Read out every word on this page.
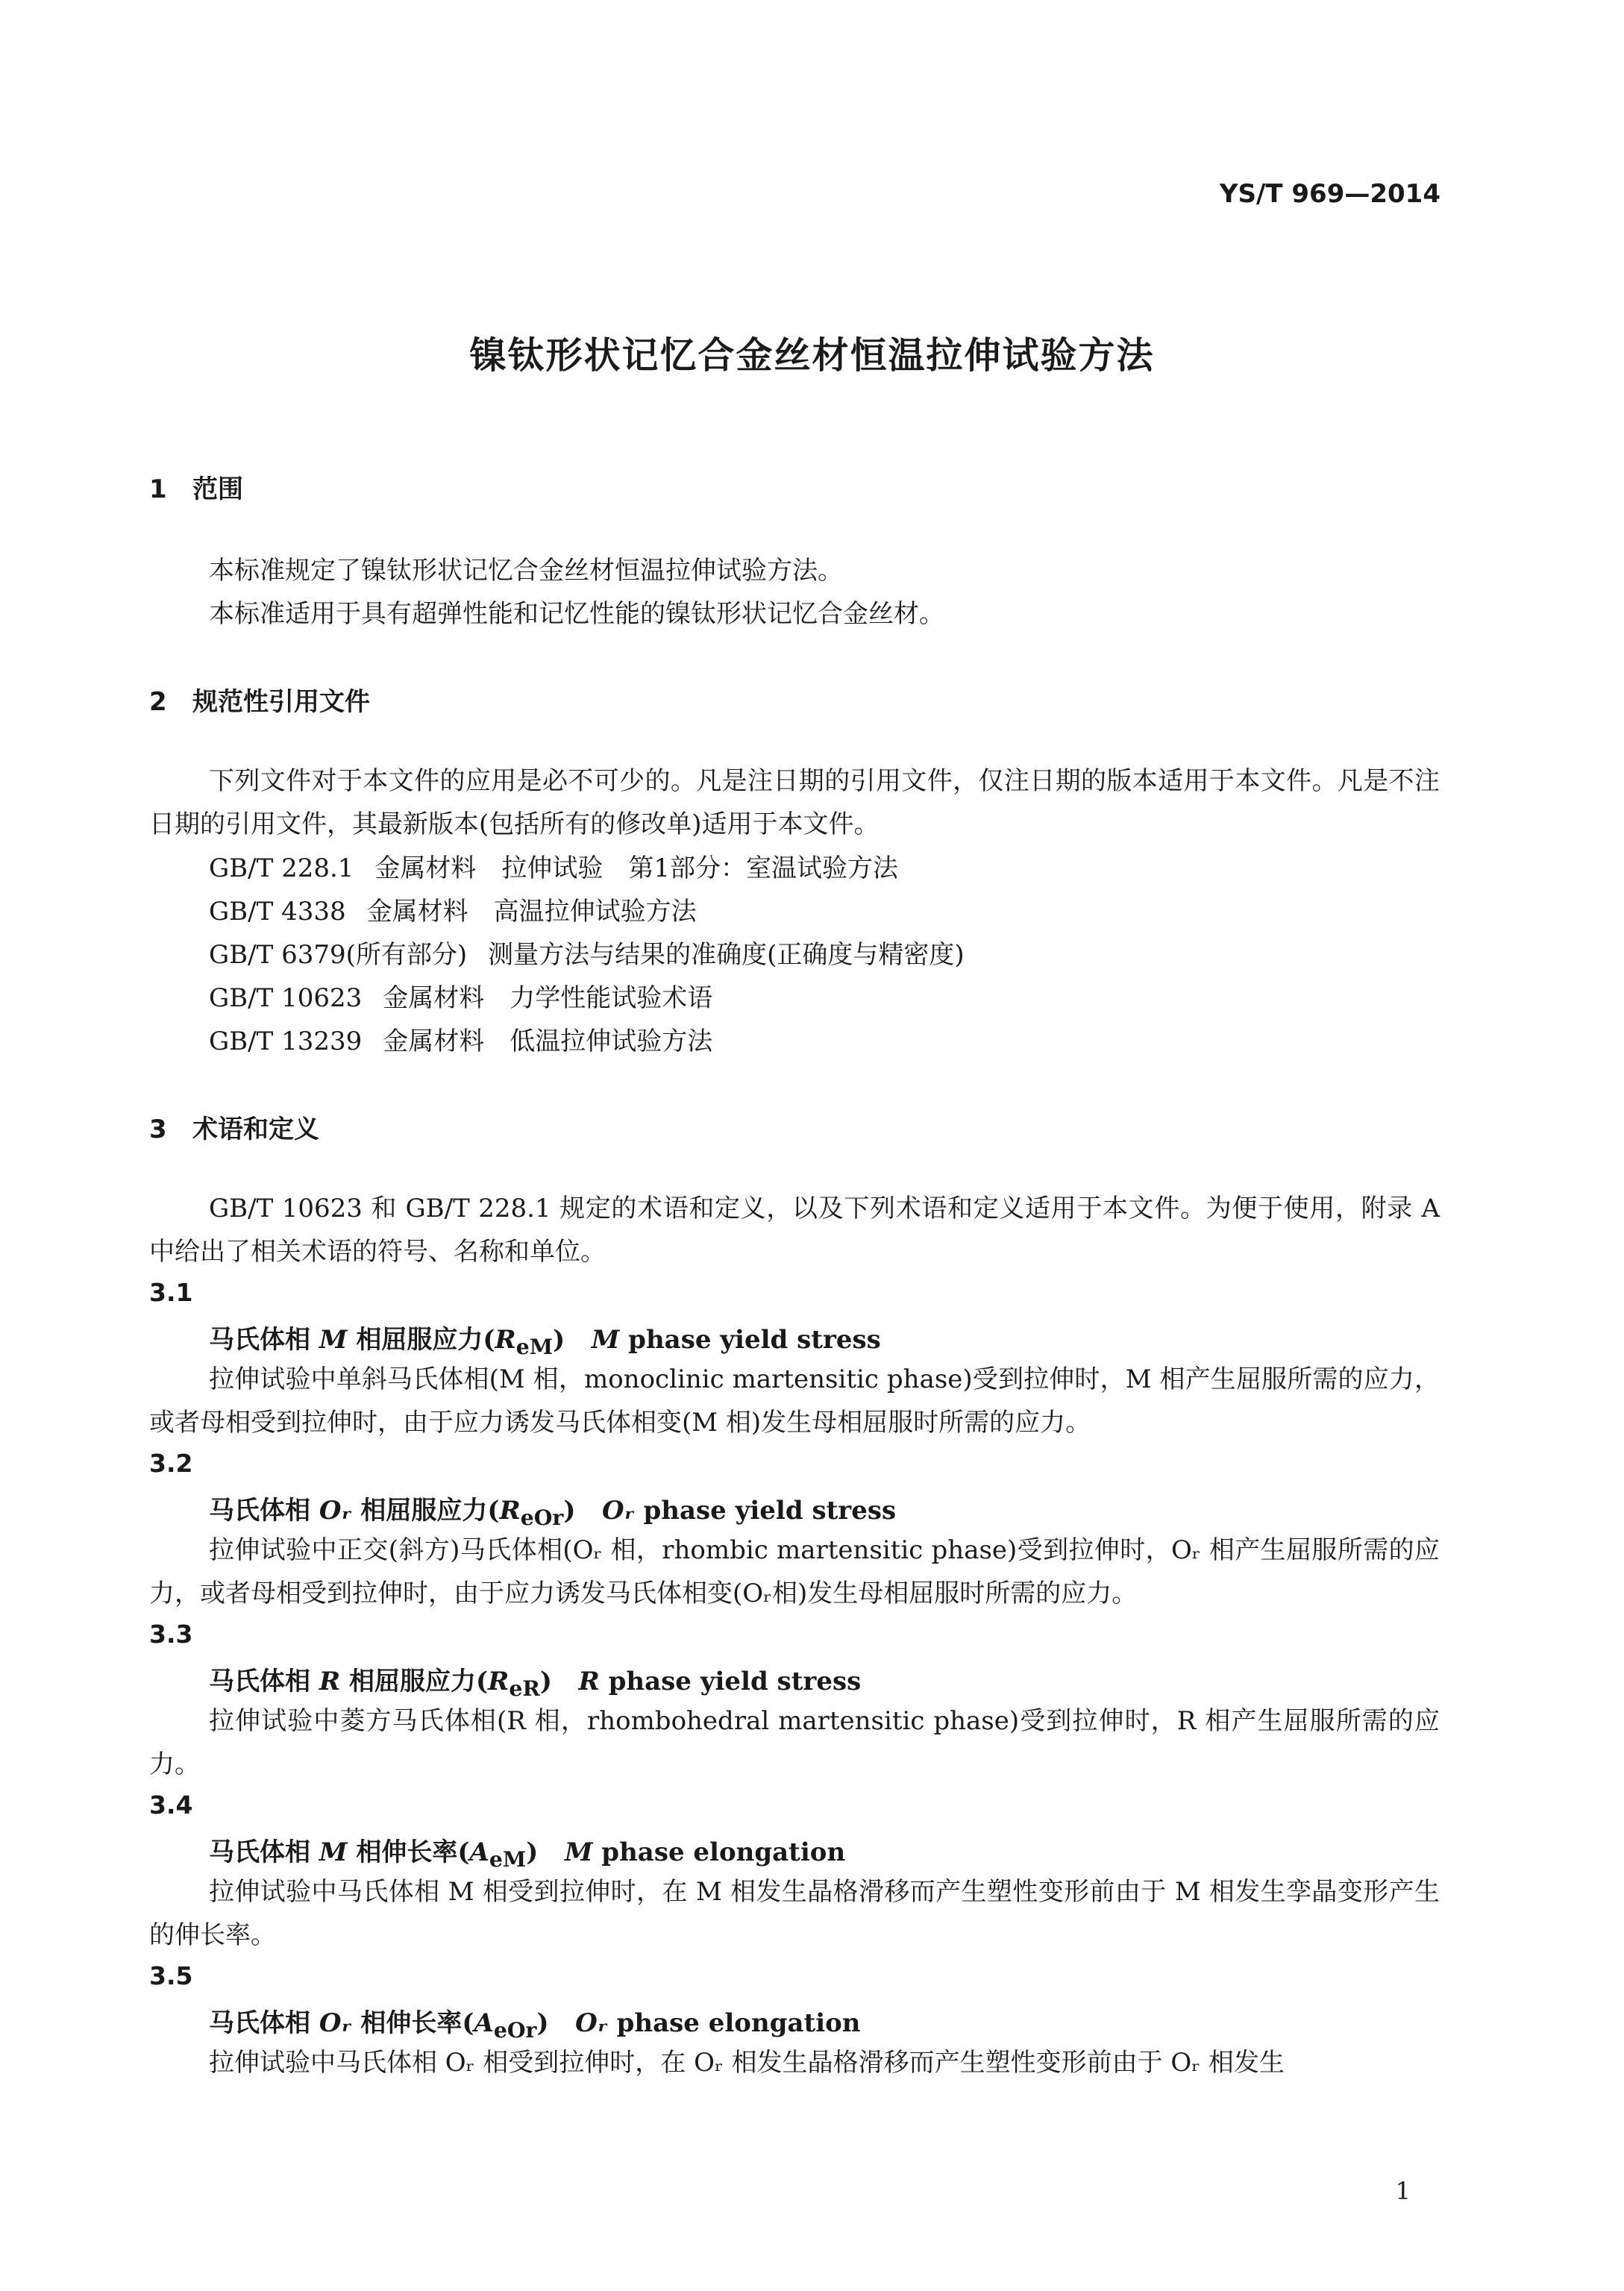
YS/T 969—2014
镍钛形状记忆合金丝材恒温拉伸试验方法
1 范围
本标准规定了镍钛形状记忆合金丝材恒温拉伸试验方法。
本标准适用于具有超弹性能和记忆性能的镍钛形状记忆合金丝材。
2 规范性引用文件
下列文件对于本文件的应用是必不可少的。凡是注日期的引用文件，仅注日期的版本适用于本文件。凡是不注日期的引用文件，其最新版本(包括所有的修改单)适用于本文件。
GB/T 228.1 金属材料　拉伸试验　第1部分：室温试验方法
GB/T 4338 金属材料　高温拉伸试验方法
GB/T 6379(所有部分) 测量方法与结果的准确度(正确度与精密度)
GB/T 10623 金属材料　力学性能试验术语
GB/T 13239 金属材料　低温拉伸试验方法
3 术语和定义
GB/T 10623 和 GB/T 228.1 规定的术语和定义，以及下列术语和定义适用于本文件。为便于使用，附录 A 中给出了相关术语的符号、名称和单位。
3.1
马氏体相 M 相屈服应力$(R_{eM})$ M phase yield stress
拉伸试验中单斜马氏体相(M 相，monoclinic martensitic phase)受到拉伸时，M 相产生屈服所需的应力，或者母相受到拉伸时，由于应力诱发马氏体相变(M 相)发生母相屈服时所需的应力。
3.2
马氏体相 Oᵣ 相屈服应力$(R_{eOr})$ Oᵣ phase yield stress
拉伸试验中正交(斜方)马氏体相(Oᵣ 相，rhombic martensitic phase)受到拉伸时，Oᵣ 相产生屈服所需的应力，或者母相受到拉伸时，由于应力诱发马氏体相变(Oᵣ相)发生母相屈服时所需的应力。
3.3
马氏体相 R 相屈服应力$(R_{eR})$ R phase yield stress
拉伸试验中菱方马氏体相(R 相，rhombohedral martensitic phase)受到拉伸时，R 相产生屈服所需的应力。
3.4
马氏体相 M 相伸长率$(A_{eM})$ M phase elongation
拉伸试验中马氏体相 M 相受到拉伸时，在 M 相发生晶格滑移而产生塑性变形前由于 M 相发生孪晶变形产生的伸长率。
3.5
马氏体相 Oᵣ 相伸长率$(A_{eOr})$ Oᵣ phase elongation
拉伸试验中马氏体相 Oᵣ 相受到拉伸时，在 Oᵣ 相发生晶格滑移而产生塑性变形前由于 Oᵣ 相发生
1
